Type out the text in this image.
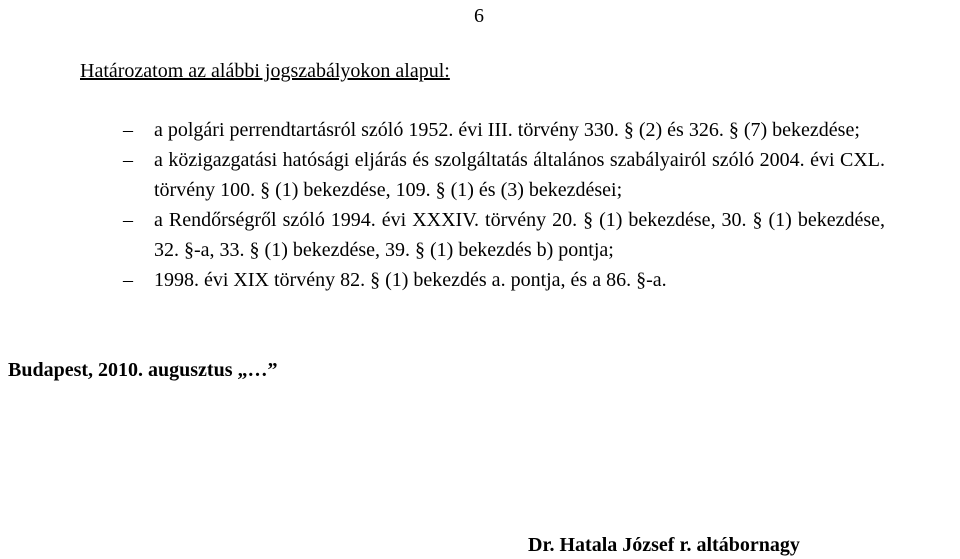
6
Határozatom az alábbi jogszabályokon alapul:
–	a polgári perrendtartásról szóló 1952. évi III. törvény 330. § (2) és 326. § (7) bekezdése;
–	a közigazgatási hatósági eljárás és szolgáltatás általános szabályairól szóló 2004. évi CXL. törvény 100. § (1) bekezdése, 109. § (1) és (3) bekezdései;
–	a Rendőrségről szóló 1994. évi XXXIV. törvény 20. § (1) bekezdése, 30. § (1) bekezdése, 32. §-a, 33. § (1) bekezdése, 39. § (1) bekezdés b) pontja;
–	1998. évi XIX törvény 82. § (1) bekezdés a. pontja, és a 86. §-a.
Budapest, 2010. augusztus „…”
Dr. Hatala József r. altábornagy
